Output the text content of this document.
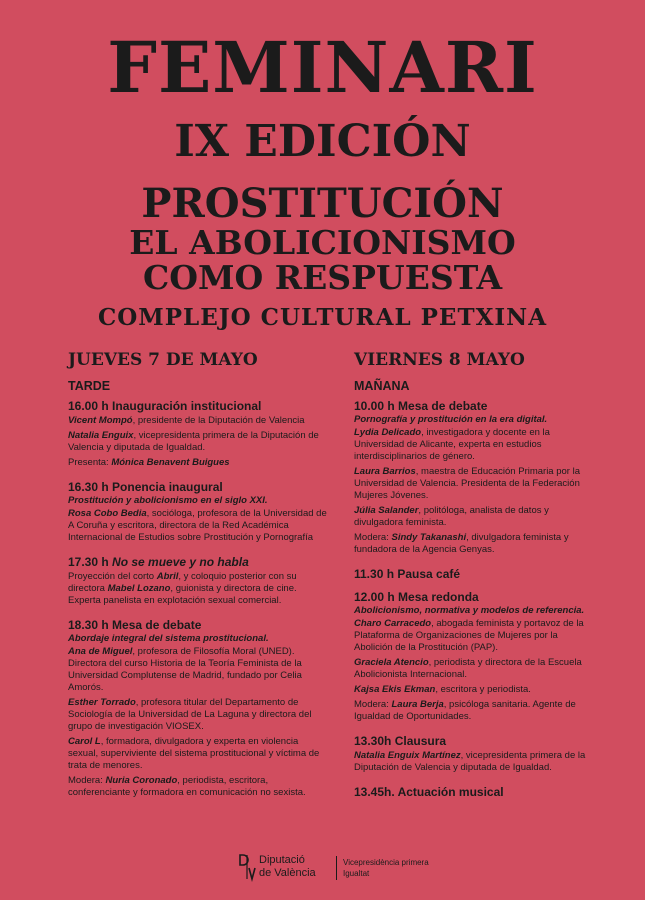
FEMINARI
IX EDICIÓN
PROSTITUCIÓN
EL ABOLICIONISMO
COMO RESPUESTA
COMPLEJO CULTURAL PETXINA
JUEVES 7 DE MAYO
TARDE
16.00 h Inauguración institucional
Vicent Mompó, presidente de la Diputación de Valencia
Natalia Enguix, vicepresidenta primera de la Diputación de Valencia y diputada de Igualdad.
Presenta: Mónica Benavent Buigues
16.30 h Ponencia inaugural
Prostitución y abolicionismo en el siglo XXI.
Rosa Cobo Bedia, socióloga, profesora de la Universidad de A Coruña y escritora, directora de la Red Académica Internacional de Estudios sobre Prostitución y Pornografía
17.30 h No se mueve y no habla
Proyección del corto Abril, y coloquio posterior con su directora Mabel Lozano, guionista y directora de cine. Experta panelista en explotación sexual comercial.
18.30 h Mesa de debate
Abordaje integral del sistema prostitucional.
Ana de Miguel, profesora de Filosofía Moral (UNED). Directora del curso Historia de la Teoría Feminista de la Universidad Complutense de Madrid, fundado por Celia Amorós.
Esther Torrado, profesora titular del Departamento de Sociología de la Universidad de La Laguna y directora del grupo de investigación VIOSEX.
Carol L, formadora, divulgadora y experta en violencia sexual, superviviente del sistema prostitucional y víctima de trata de menores.
Modera: Nuria Coronado, periodista, escritora, conferenciante y formadora en comunicación no sexista.
VIERNES 8 MAYO
MAÑANA
10.00 h Mesa de debate
Pornografía y prostitución en la era digital.
Lydia Delicado, investigadora y docente en la Universidad de Alicante, experta en estudios interdisciplinarios de género.
Laura Barrios, maestra de Educación Primaria por la Universidad de Valencia. Presidenta de la Federación Mujeres Jóvenes.
Júlia Salander, politóloga, analista de datos y divulgadora feminista.
Modera: Sindy Takanashi, divulgadora feminista y fundadora de la Agencia Genyas.
11.30 h Pausa café
12.00 h Mesa redonda
Abolicionismo, normativa y modelos de referencia.
Charo Carracedo, abogada feminista y portavoz de la Plataforma de Organizaciones de Mujeres por la Abolición de la Prostitución (PAP).
Graciela Atencio, periodista y directora de la Escuela Abolicionista Internacional.
Kajsa Ekis Ekman, escritora y periodista.
Modera: Laura Berja, psicóloga sanitaria. Agente de Igualdad de Oportunidades.
13.30h Clausura
Natalia Enguix Martínez, vicepresidenta primera de la Diputación de Valencia y diputada de Igualdad.
13.45h. Actuación musical
Diputació
de València
Vicepresidència primera
Igualtat
